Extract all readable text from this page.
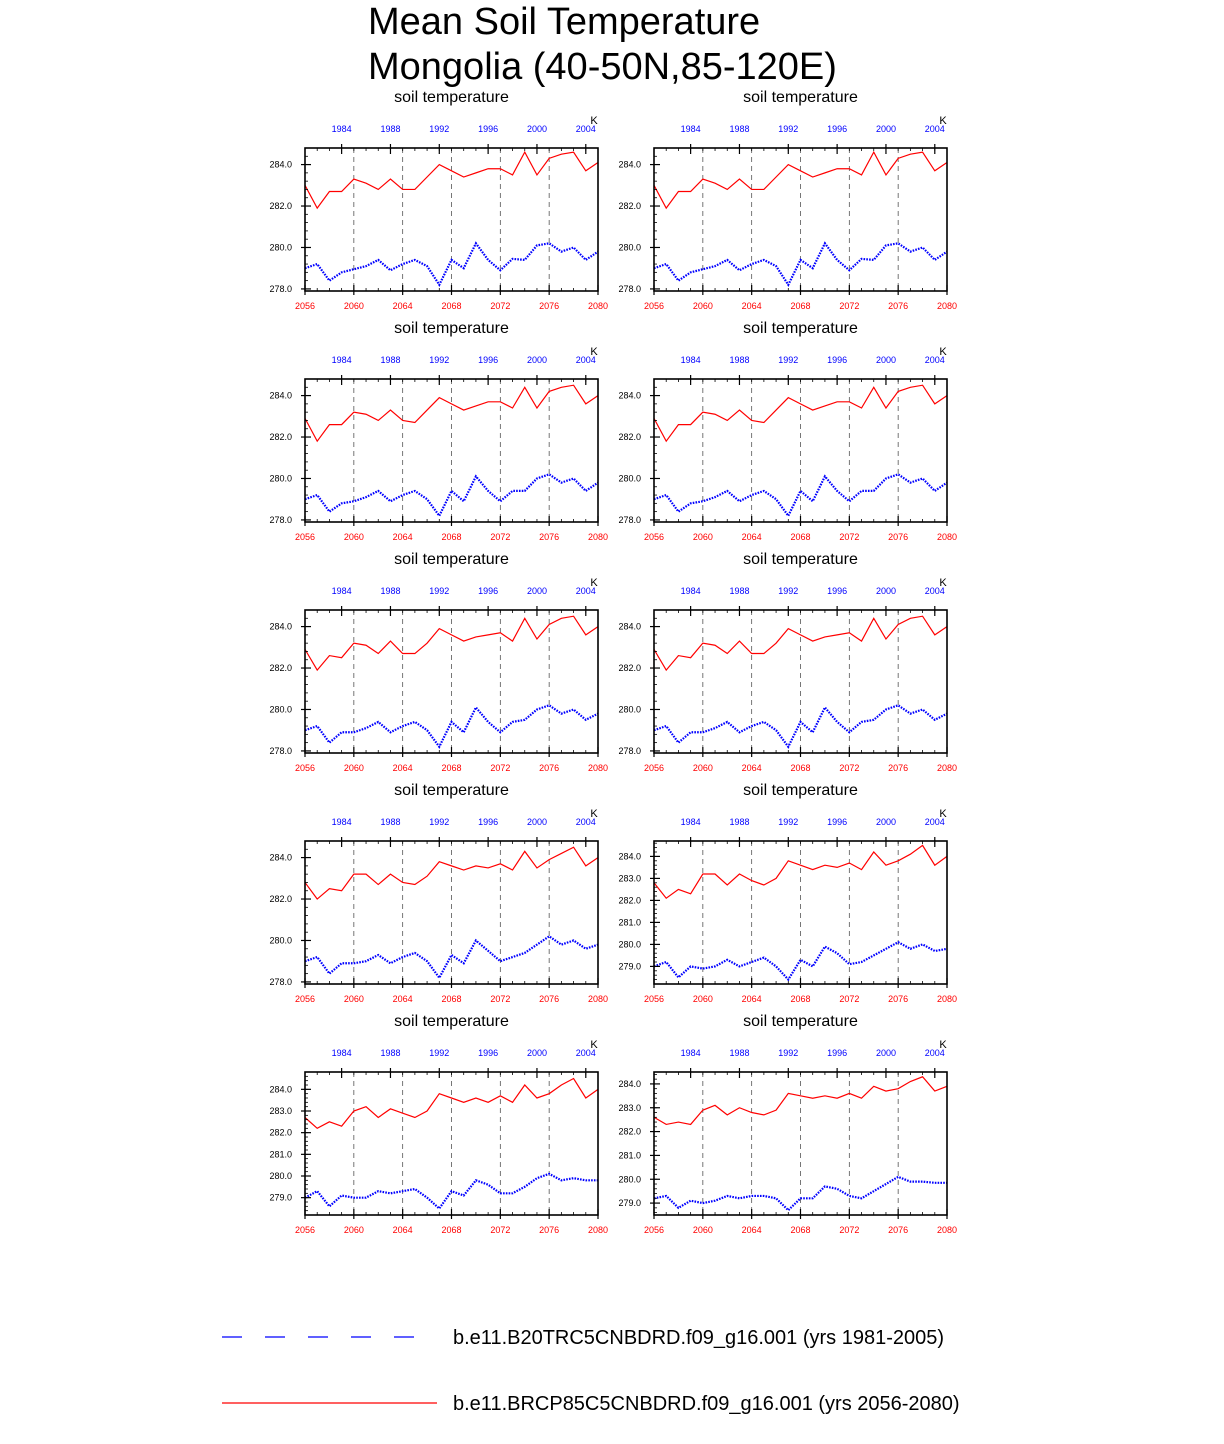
Mean Soil Temperature
Mongolia (40-50N,85-120E)
soil temperature
K
278.0
280.0
282.0
284.0
2056	2060	2064	2068	2072	2076	2080
1984	1988	1992	1996	2000	2004
soil temperature
K
278.0
280.0
282.0
284.0
2056	2060	2064	2068	2072	2076	2080
1984	1988	1992	1996	2000	2004
soil temperature
K
278.0
280.0
282.0
284.0
2056	2060	2064	2068	2072	2076	2080
1984	1988	1992	1996	2000	2004
soil temperature
K
278.0
280.0
282.0
284.0
2056	2060	2064	2068	2072	2076	2080
1984	1988	1992	1996	2000	2004
soil temperature
K
278.0
280.0
282.0
284.0
2056	2060	2064	2068	2072	2076	2080
1984	1988	1992	1996	2000	2004
soil temperature
K
278.0
280.0
282.0
284.0
2056	2060	2064	2068	2072	2076	2080
1984	1988	1992	1996	2000	2004
soil temperature
K
278.0
280.0
282.0
284.0
2056	2060	2064	2068	2072	2076	2080
1984	1988	1992	1996	2000	2004
soil temperature
K
279.0
280.0
281.0
282.0
283.0
284.0
2056	2060	2064	2068	2072	2076	2080
1984	1988	1992	1996	2000	2004
soil temperature
K
279.0
280.0
281.0
282.0
283.0
284.0
2056	2060	2064	2068	2072	2076	2080
1984	1988	1992	1996	2000	2004
soil temperature
K
279.0
280.0
281.0
282.0
283.0
284.0
2056	2060	2064	2068	2072	2076	2080
1984	1988	1992	1996	2000	2004
b.e11.B20TRC5CNBDRD.f09_g16.001 (yrs 1981-2005)
b.e11.BRCP85C5CNBDRD.f09_g16.001 (yrs 2056-2080)
